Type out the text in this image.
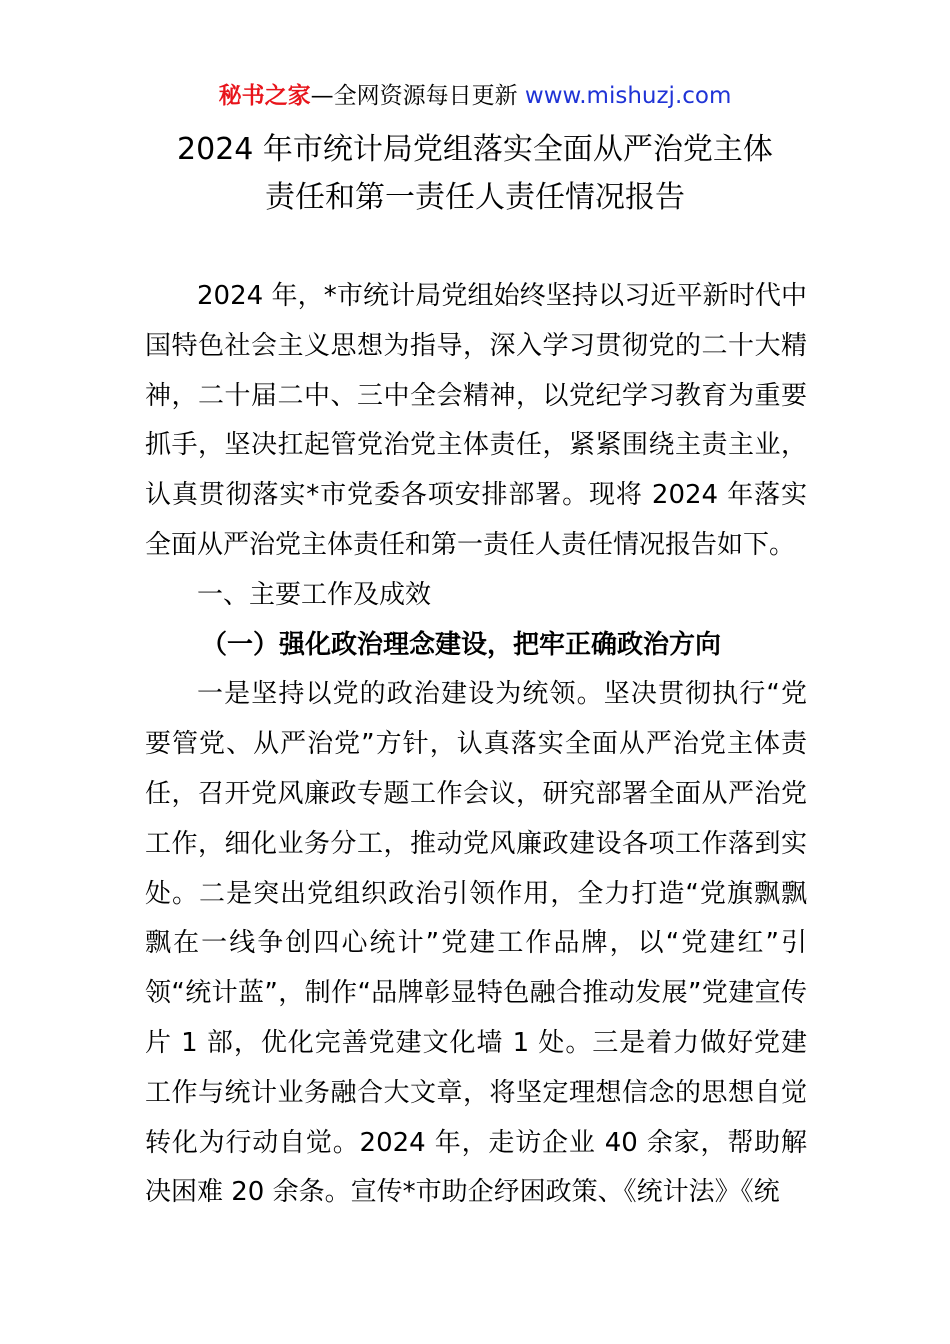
秘书之家—全网资源每日更新 www.mishuzj.com
2024 年市统计局党组落实全面从严治党主体
责任和第一责任人责任情况报告

2024 年，*市统计局党组始终坚持以习近平新时代中国特色社会主义思想为指导，深入学习贯彻党的二十大精神，二十届二中、三中全会精神，以党纪学习教育为重要抓手，坚决扛起管党治党主体责任，紧紧围绕主责主业，认真贯彻落实*市党委各项安排部署。现将 2024 年落实全面从严治党主体责任和第一责任人责任情况报告如下。

一、主要工作及成效

（一）强化政治理念建设，把牢正确政治方向

一是坚持以党的政治建设为统领。坚决贯彻执行“党要管党、从严治党”方针，认真落实全面从严治党主体责任，召开党风廉政专题工作会议，研究部署全面从严治党工作，细化业务分工，推动党风廉政建设各项工作落到实处。二是突出党组织政治引领作用，全力打造“党旗飘飘飘在一线争创四心统计”党建工作品牌，以“党建红”引领“统计蓝”，制作“品牌彰显特色融合推动发展”党建宣传片 1 部，优化完善党建文化墙 1 处。三是着力做好党建工作与统计业务融合大文章，将坚定理想信念的思想自觉转化为行动自觉。2024 年，走访企业 40 余家，帮助解决困难 20 余条。宣传*市助企纾困政策、《统计法》《统
